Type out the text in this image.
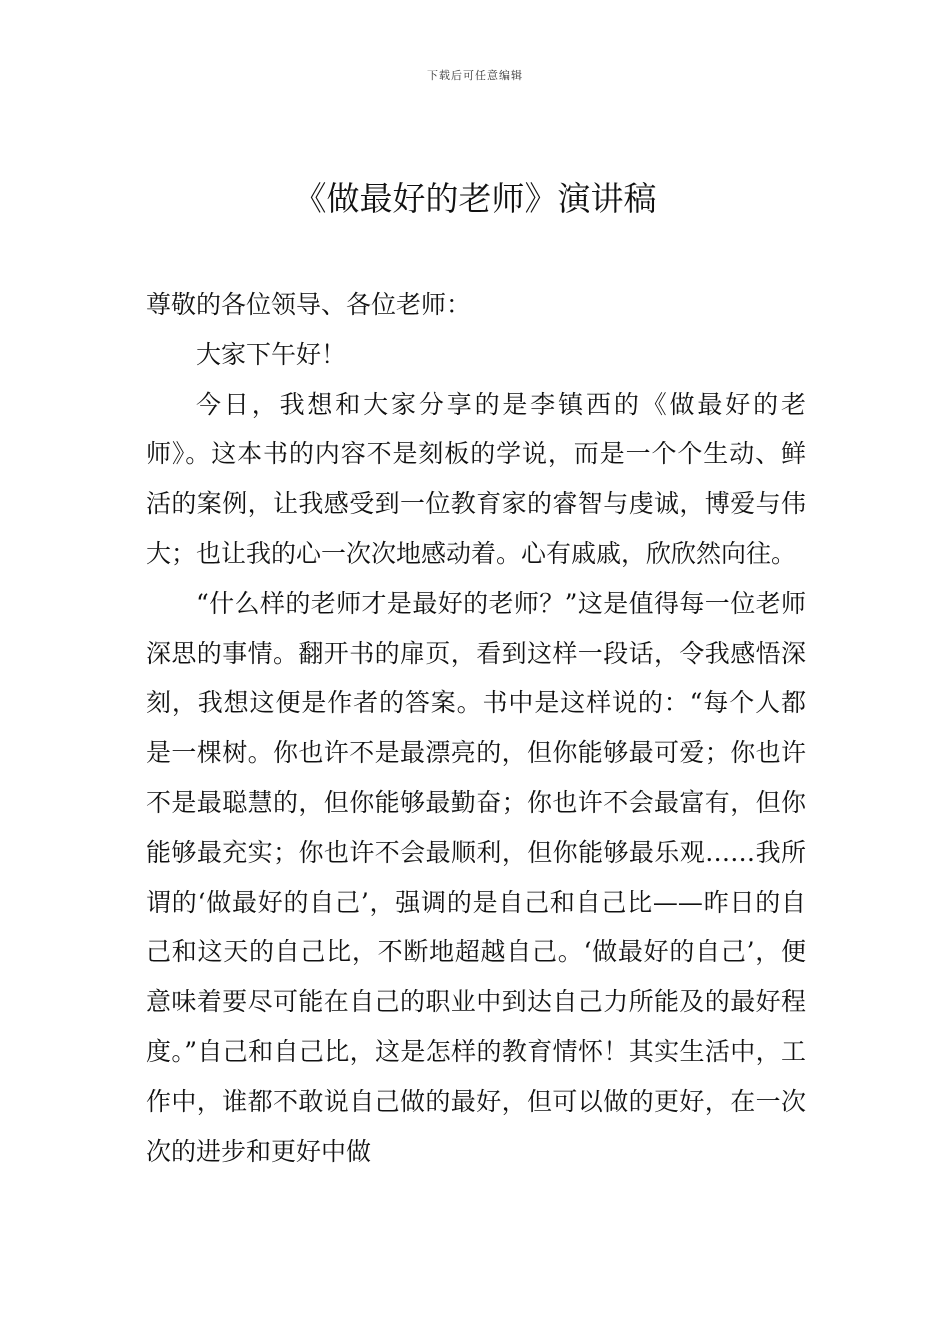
下载后可任意编辑
《做最好的老师》演讲稿

尊敬的各位领导、各位老师：

大家下午好！

今日，我想和大家分享的是李镇西的《做最好的老师》。这本书的内容不是刻板的学说，而是一个个生动、鲜活的案例，让我感受到一位教育家的睿智与虔诚，博爱与伟大；也让我的心一次次地感动着。心有戚戚，欣欣然向往。

“什么样的老师才是最好的老师？”这是值得每一位老师深思的事情。翻开书的扉页，看到这样一段话，令我感悟深刻，我想这便是作者的答案。书中是这样说的：“每个人都是一棵树。你也许不是最漂亮的，但你能够最可爱；你也许不是最聪慧的，但你能够最勤奋；你也许不会最富有，但你能够最充实；你也许不会最顺利，但你能够最乐观……我所谓的‘做最好的自己’，强调的是自己和自己比——昨日的自己和这天的自己比，不断地超越自己。‘做最好的自己’，便意味着要尽可能在自己的职业中到达自己力所能及的最好程度。”自己和自己比，这是怎样的教育情怀！其实生活中，工作中，谁都不敢说自己做的最好，但可以做的更好，在一次次的进步和更好中做
